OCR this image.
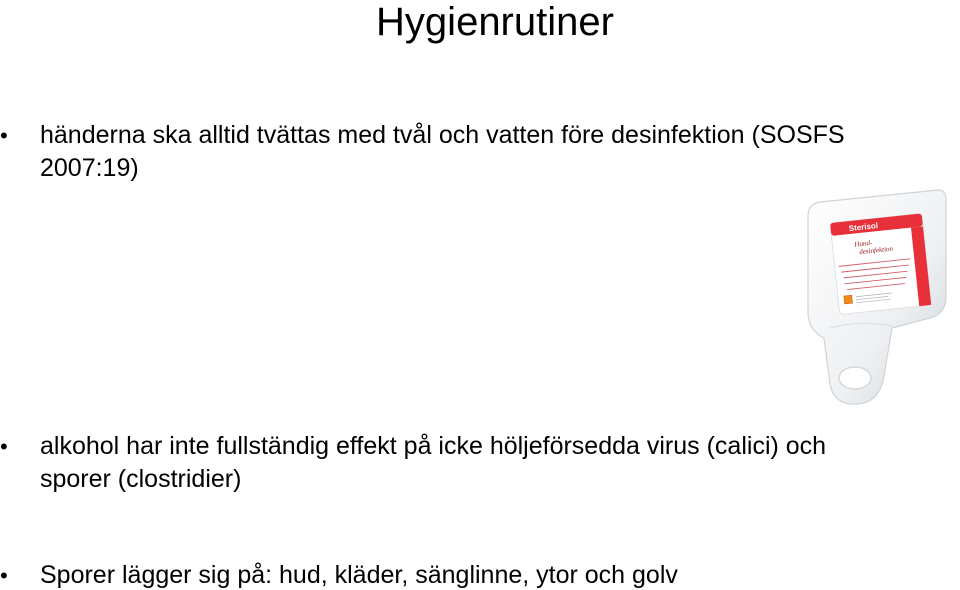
Hygienrutiner
•	händerna ska alltid tvättas med tvål och vatten före desinfektion (SOSFS
2007:19)
•	alkohol har inte fullständig effekt på icke höljeförsedda virus (calici) och
sporer (clostridier)
•	Sporer lägger sig på: hud, kläder, sänglinne, ytor och golv
Sterisol
Hand- desinfektion
